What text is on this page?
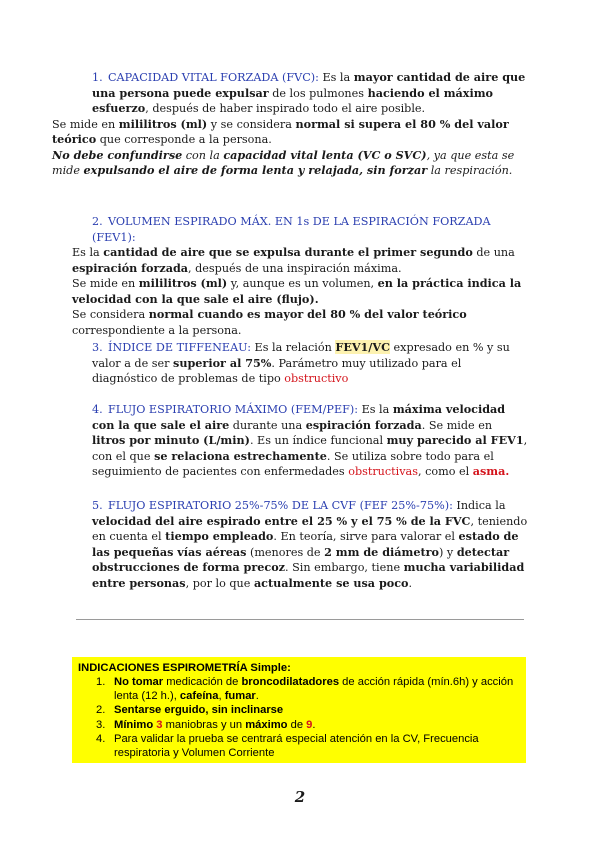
1. CAPACIDAD VITAL FORZADA (FVC): Es la mayor cantidad de aire que una persona puede expulsar de los pulmones haciendo el máximo esfuerzo, después de haber inspirado todo el aire posible.
Se mide en mililitros (ml) y se considera normal si supera el 80 % del valor teórico que corresponde a la persona.
No debe confundirse con la capacidad vital lenta (VC o SVC), ya que esta se mide expulsando el aire de forma lenta y relajada, sin forzar la respiración.
2. VOLUMEN ESPIRADO MÁX. EN 1s DE LA ESPIRACIÓN FORZADA (FEV1):
Es la cantidad de aire que se expulsa durante el primer segundo de una espiración forzada, después de una inspiración máxima.
Se mide en mililitros (ml) y, aunque es un volumen, en la práctica indica la velocidad con la que sale el aire (flujo).
Se considera normal cuando es mayor del 80 % del valor teórico correspondiente a la persona.
3. ÍNDICE DE TIFFENEAU: Es la relación FEV1/VC expresado en % y su valor a de ser superior al 75%. Parámetro muy utilizado para el diagnóstico de problemas de tipo obstructivo
4. FLUJO ESPIRATORIO MÁXIMO (FEM/PEF): Es la máxima velocidad con la que sale el aire durante una espiración forzada. Se mide en litros por minuto (L/min). Es un índice funcional muy parecido al FEV1, con el que se relaciona estrechamente. Se utiliza sobre todo para el seguimiento de pacientes con enfermedades obstructivas, como el asma.
5. FLUJO ESPIRATORIO 25%-75% DE LA CVF (FEF 25%-75%): Indica la velocidad del aire espirado entre el 25 % y el 75 % de la FVC, teniendo en cuenta el tiempo empleado. En teoría, sirve para valorar el estado de las pequeñas vías aéreas (menores de 2 mm de diámetro) y detectar obstrucciones de forma precoz. Sin embargo, tiene mucha variabilidad entre personas, por lo que actualmente se usa poco.
INDICACIONES ESPIROMETRÍA Simple:
1. No tomar medicación de broncodilatadores de acción rápida (mín.6h) y acción lenta (12 h.), cafeína, fumar.
2. Sentarse erguido, sin inclinarse
3. Mínimo 3 maniobras y un máximo de 9.
4. Para validar la prueba se centrará especial atención en la CV, Frecuencia respiratoria y Volumen Corriente
2
